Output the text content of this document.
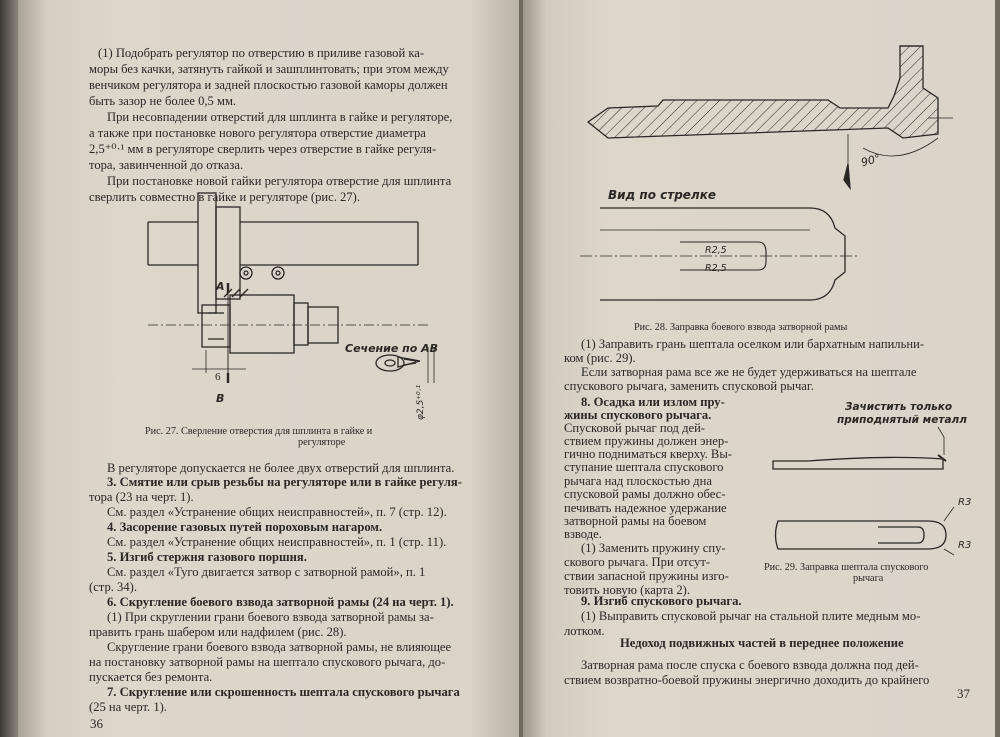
(1) Подобрать регулятор по отверстию в приливе газовой ка-
моры без качки, затянуть гайкой и зашплинтовать; при этом между
венчиком регулятора и задней плоскостью газовой каморы должен
быть зазор не более 0,5 мм.
При несовпадении отверстий для шплинта в гайке и регуляторе,
а также при постановке нового регулятора отверстие диаметра
2,5⁺⁰·¹ мм в регуляторе сверлить через отверстие в гайке регуля-
тора, завинченной до отказа.
При постановке новой гайки регулятора отверстие для шплинта
сверлить совместно в гайке и регуляторе (рис. 27).
А
В
6
Сечение по АВ
φ2,5⁺⁰·¹
Рис. 27. Сверление отверстия для шплинта в гайке и
регуляторе
В регуляторе допускается не более двух отверстий для шплинта.
3. Смятие или срыв резьбы на регуляторе или в гайке регуля-
тора (23 на черт. 1).
См. раздел «Устранение общих неисправностей», п. 7 (стр. 12).
4. Засорение газовых путей пороховым нагаром.
См. раздел «Устранение общих неисправностей», п. 1 (стр. 11).
5. Изгиб стержня газового поршня.
См. раздел «Туго двигается затвор с затворной рамой», п. 1
(стр. 34).
6. Скругление боевого взвода затворной рамы (24 на черт. 1).
(1) При скруглении грани боевого взвода затворной рамы за-
править грань шабером или надфилем (рис. 28).
Скругление грани боевого взвода затворной рамы, не влияющее
на постановку затворной рамы на шептало спускового рычага, до-
пускается без ремонта.
7. Скругление или скрошенность шептала спускового рычага
(25 на черт. 1).
36
90°
Вид по стрелке
R2,5
R2,5
Рис. 28. Заправка боевого взвода затворной рамы
(1) Заправить грань шептала оселком или бархатным напильни-
ком (рис. 29).
Если затворная рама все же не будет удерживаться на шептале
спускового рычага, заменить спусковой рычаг.
8. Осадка или излом пру-
жины спускового рычага.
Спусковой рычаг под дей-
ствием пружины должен энер-
гично подниматься кверху. Вы-
ступание шептала спускового
рычага над плоскостью дна
спусковой рамы должно обес-
печивать надежное удержание
затворной рамы на боевом
взводе.
(1) Заменить пружину спу-
скового рычага. При отсут-
ствии запасной пружины изго-
товить новую (карта 2).
Зачистить только
приподнятый металл
R3
R3
Рис. 29. Заправка шептала спускового
рычага
9. Изгиб спускового рычага.
(1) Выправить спусковой рычаг на стальной плите медным мо-
лотком.
Недоход подвижных частей в переднее положение
Затворная рама после спуска с боевого взвода должна под дей-
ствием возвратно-боевой пружины энергично доходить до крайнего
37
